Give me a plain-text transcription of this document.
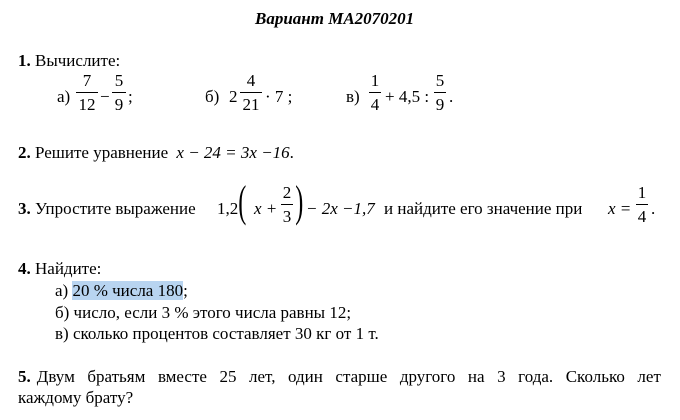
Вариант МА2070201
1. Вычислите:
а)
7
12 −
5
9 ;	б) 2
4
21 · 7 ;	в)
1
4 + 4,5 :
5
9 .
2. Решите уравнение x − 24 = 3x −16.
3. Упростите выражение 1,2 ( x +
2
3 ) − 2x −1,7 и найдите его значение при x =
1
4 .
4. Найдите:
а) 20 % числа 180;
б) число, если 3 % этого числа равны 12;
в) сколько процентов составляет 30 кг от 1 т.
5. Двум братьям вместе 25 лет, один старше другого на 3 года. Сколько лет
каждому брату?
